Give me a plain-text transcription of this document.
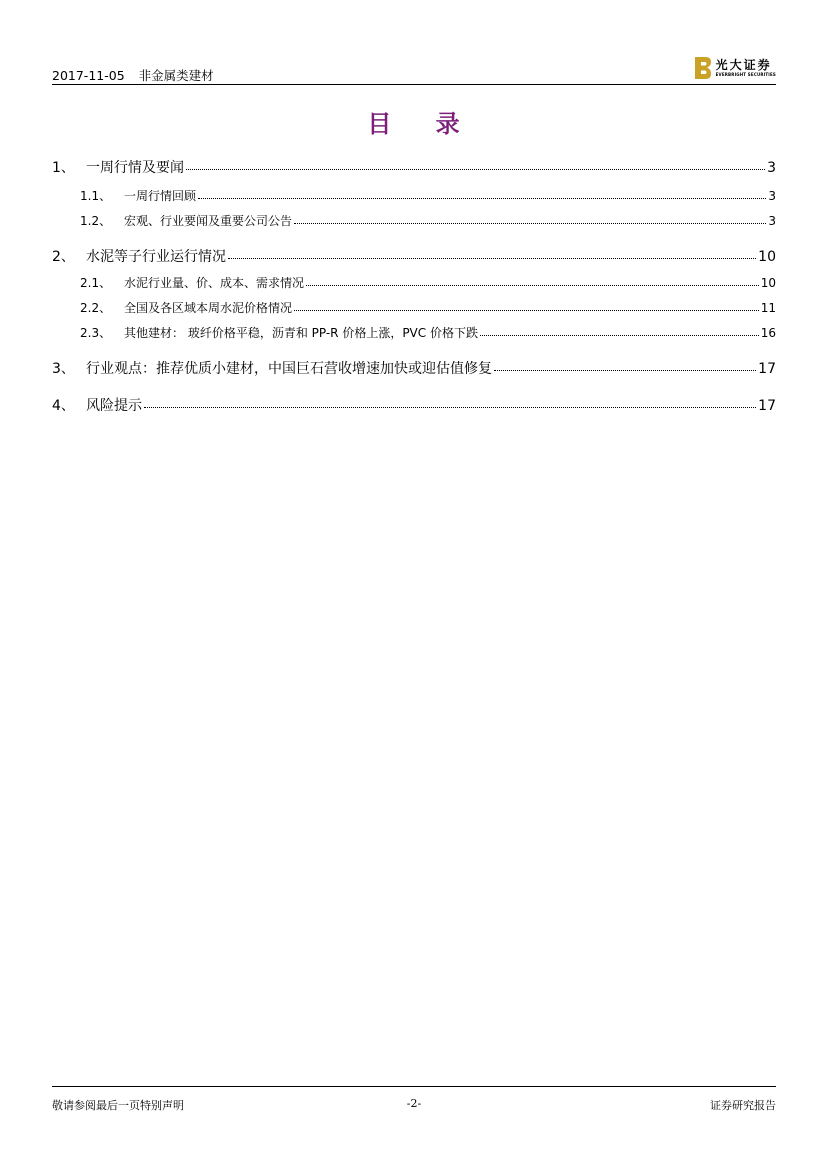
2017-11-05 非金属类建材
光大证券
EVERBRIGHT SECURITIES
目 录
1、 一周行情及要闻	3
1.1、	一周行情回顾	3
1.2、	宏观、行业要闻及重要公司公告	3
2、 水泥等子行业运行情况	10
2.1、	水泥行业量、价、成本、需求情况	10
2.2、	全国及各区域本周水泥价格情况	11
2.3、	其他建材： 玻纤价格平稳，沥青和 PP-R 价格上涨，PVC 价格下跌	16
3、 行业观点：推荐优质小建材，中国巨石营收增速加快或迎估值修复	17
4、 风险提示	17
敬请参阅最后一页特别声明	-2-	证券研究报告
